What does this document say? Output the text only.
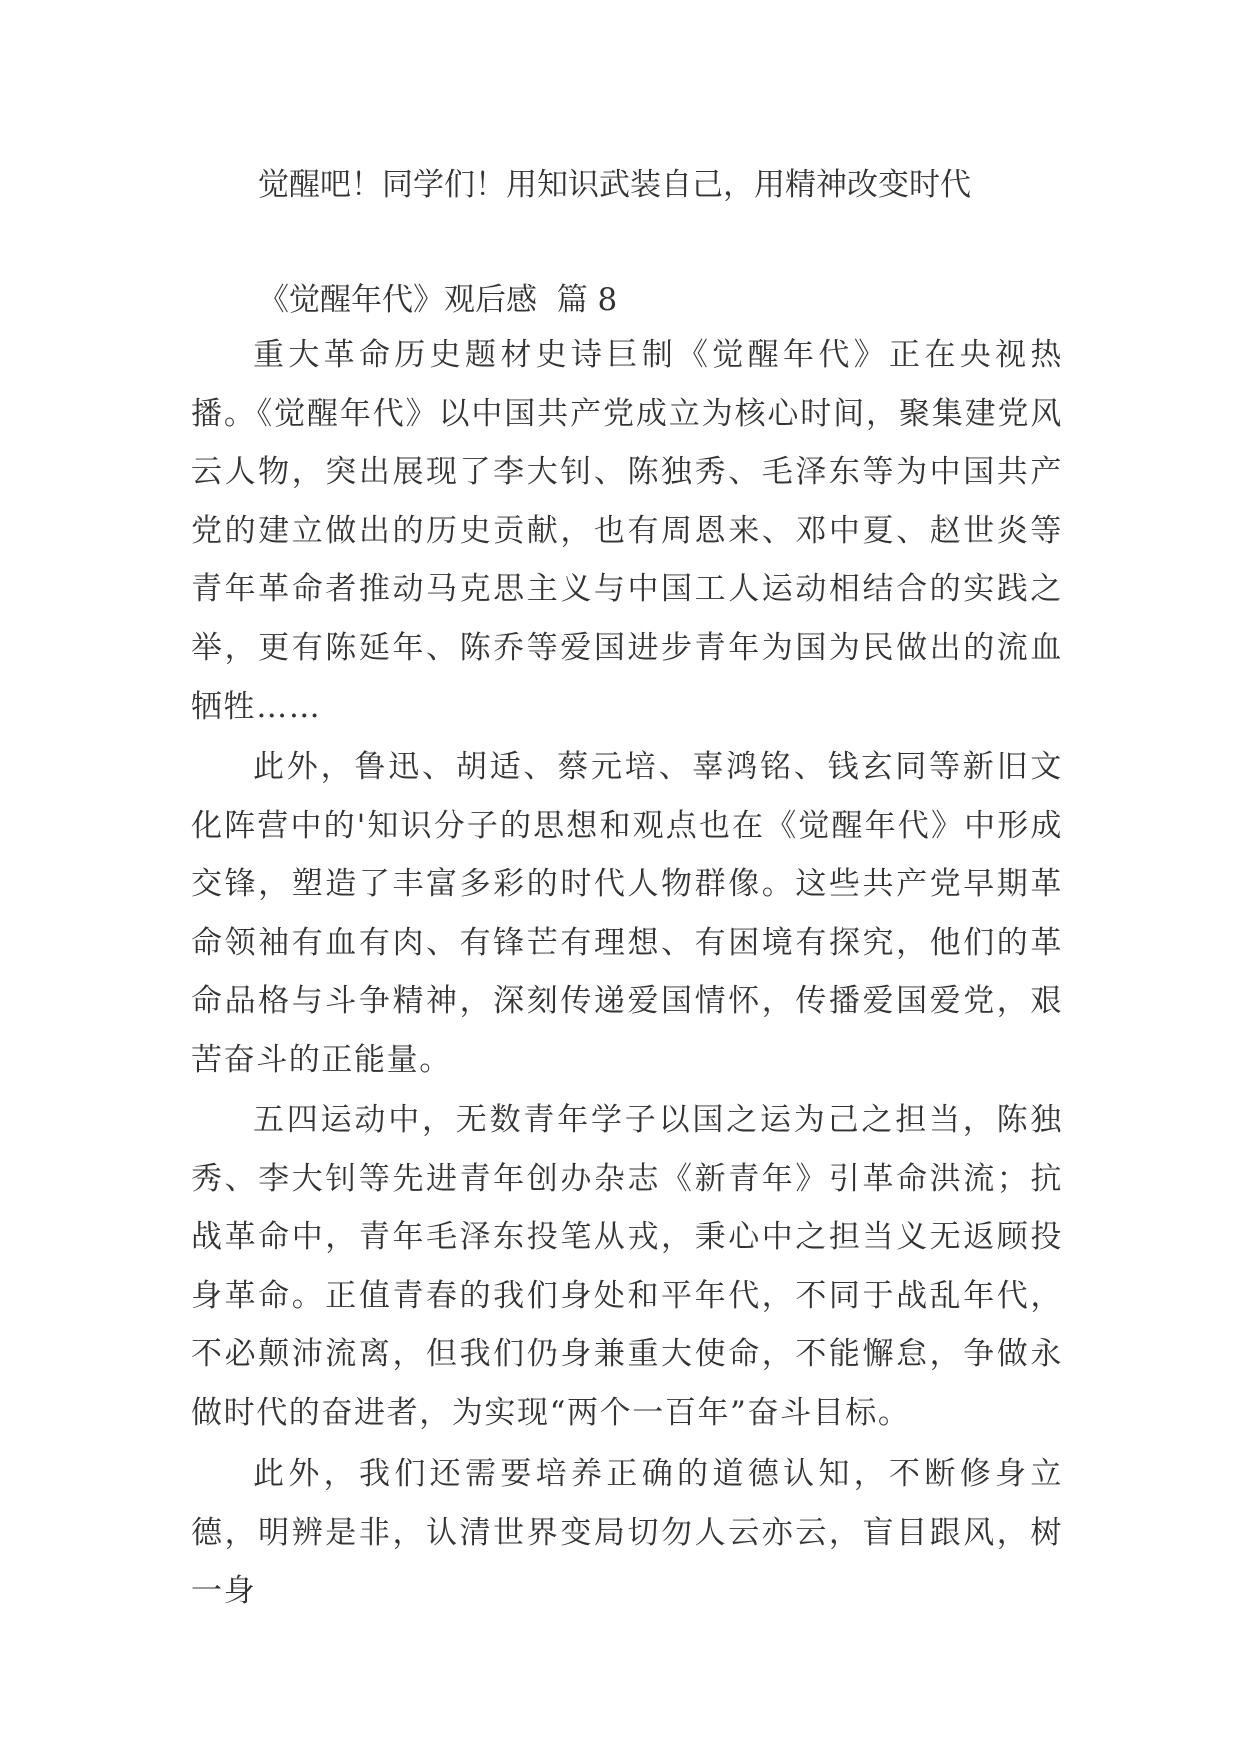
觉醒吧！同学们！用知识武装自己，用精神改变时代
《觉醒年代》观后感  篇 8

重大革命历史题材史诗巨制《觉醒年代》正在央视热播。《觉醒年代》以中国共产党成立为核心时间，聚集建党风云人物，突出展现了李大钊、陈独秀、毛泽东等为中国共产党的建立做出的历史贡献，也有周恩来、邓中夏、赵世炎等青年革命者推动马克思主义与中国工人运动相结合的实践之举，更有陈延年、陈乔等爱国进步青年为国为民做出的流血牺牲……

此外，鲁迅、胡适、蔡元培、辜鸿铭、钱玄同等新旧文化阵营中的'知识分子的思想和观点也在《觉醒年代》中形成交锋，塑造了丰富多彩的时代人物群像。这些共产党早期革命领袖有血有肉、有锋芒有理想、有困境有探究，他们的革命品格与斗争精神，深刻传递爱国情怀，传播爱国爱党，艰苦奋斗的正能量。

五四运动中，无数青年学子以国之运为己之担当，陈独秀、李大钊等先进青年创办杂志《新青年》引革命洪流；抗战革命中，青年毛泽东投笔从戎，秉心中之担当义无返顾投身革命。正值青春的我们身处和平年代，不同于战乱年代，不必颠沛流离，但我们仍身兼重大使命，不能懈怠，争做永做时代的奋进者，为实现“两个一百年”奋斗目标。

此外，我们还需要培养正确的道德认知，不断修身立德，明辨是非，认清世界变局切勿人云亦云，盲目跟风，树一身
